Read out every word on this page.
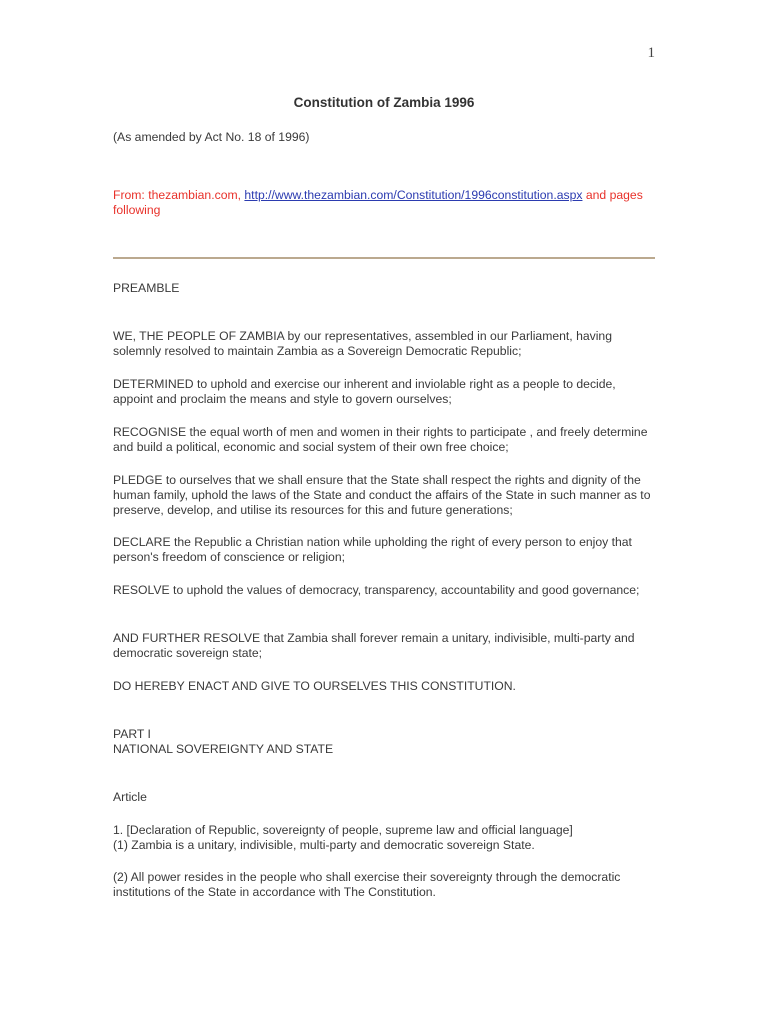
1
Constitution of Zambia 1996

(As amended by Act No. 18 of 1996)

From: thezambian.com, http://www.thezambian.com/Constitution/1996constitution.aspx and pages following

PREAMBLE

WE, THE PEOPLE OF ZAMBIA by our representatives, assembled in our Parliament, having solemnly resolved to maintain Zambia as a Sovereign Democratic Republic;

DETERMINED to uphold and exercise our inherent and inviolable right as a people to decide, appoint and proclaim the means and style to govern ourselves;

RECOGNISE the equal worth of men and women in their rights to participate , and freely determine and build a political, economic and social system of their own free choice;

PLEDGE to ourselves that we shall ensure that the State shall respect the rights and dignity of the human family, uphold the laws of the State and conduct the affairs of the State in such manner as to preserve, develop, and utilise its resources for this and future generations;

DECLARE the Republic a Christian nation while upholding the right of every person to enjoy that person's freedom of conscience or religion;

RESOLVE to uphold the values of democracy, transparency, accountability and good governance;

AND FURTHER RESOLVE that Zambia shall forever remain a unitary, indivisible, multi-party and democratic sovereign state;

DO HEREBY ENACT AND GIVE TO OURSELVES THIS CONSTITUTION.

PART I

NATIONAL SOVEREIGNTY AND STATE

Article

1. [Declaration of Republic, sovereignty of people, supreme law and official language]

(1) Zambia is a unitary, indivisible, multi-party and democratic sovereign State.

(2) All power resides in the people who shall exercise their sovereignty through the democratic institutions of the State in accordance with The Constitution.
